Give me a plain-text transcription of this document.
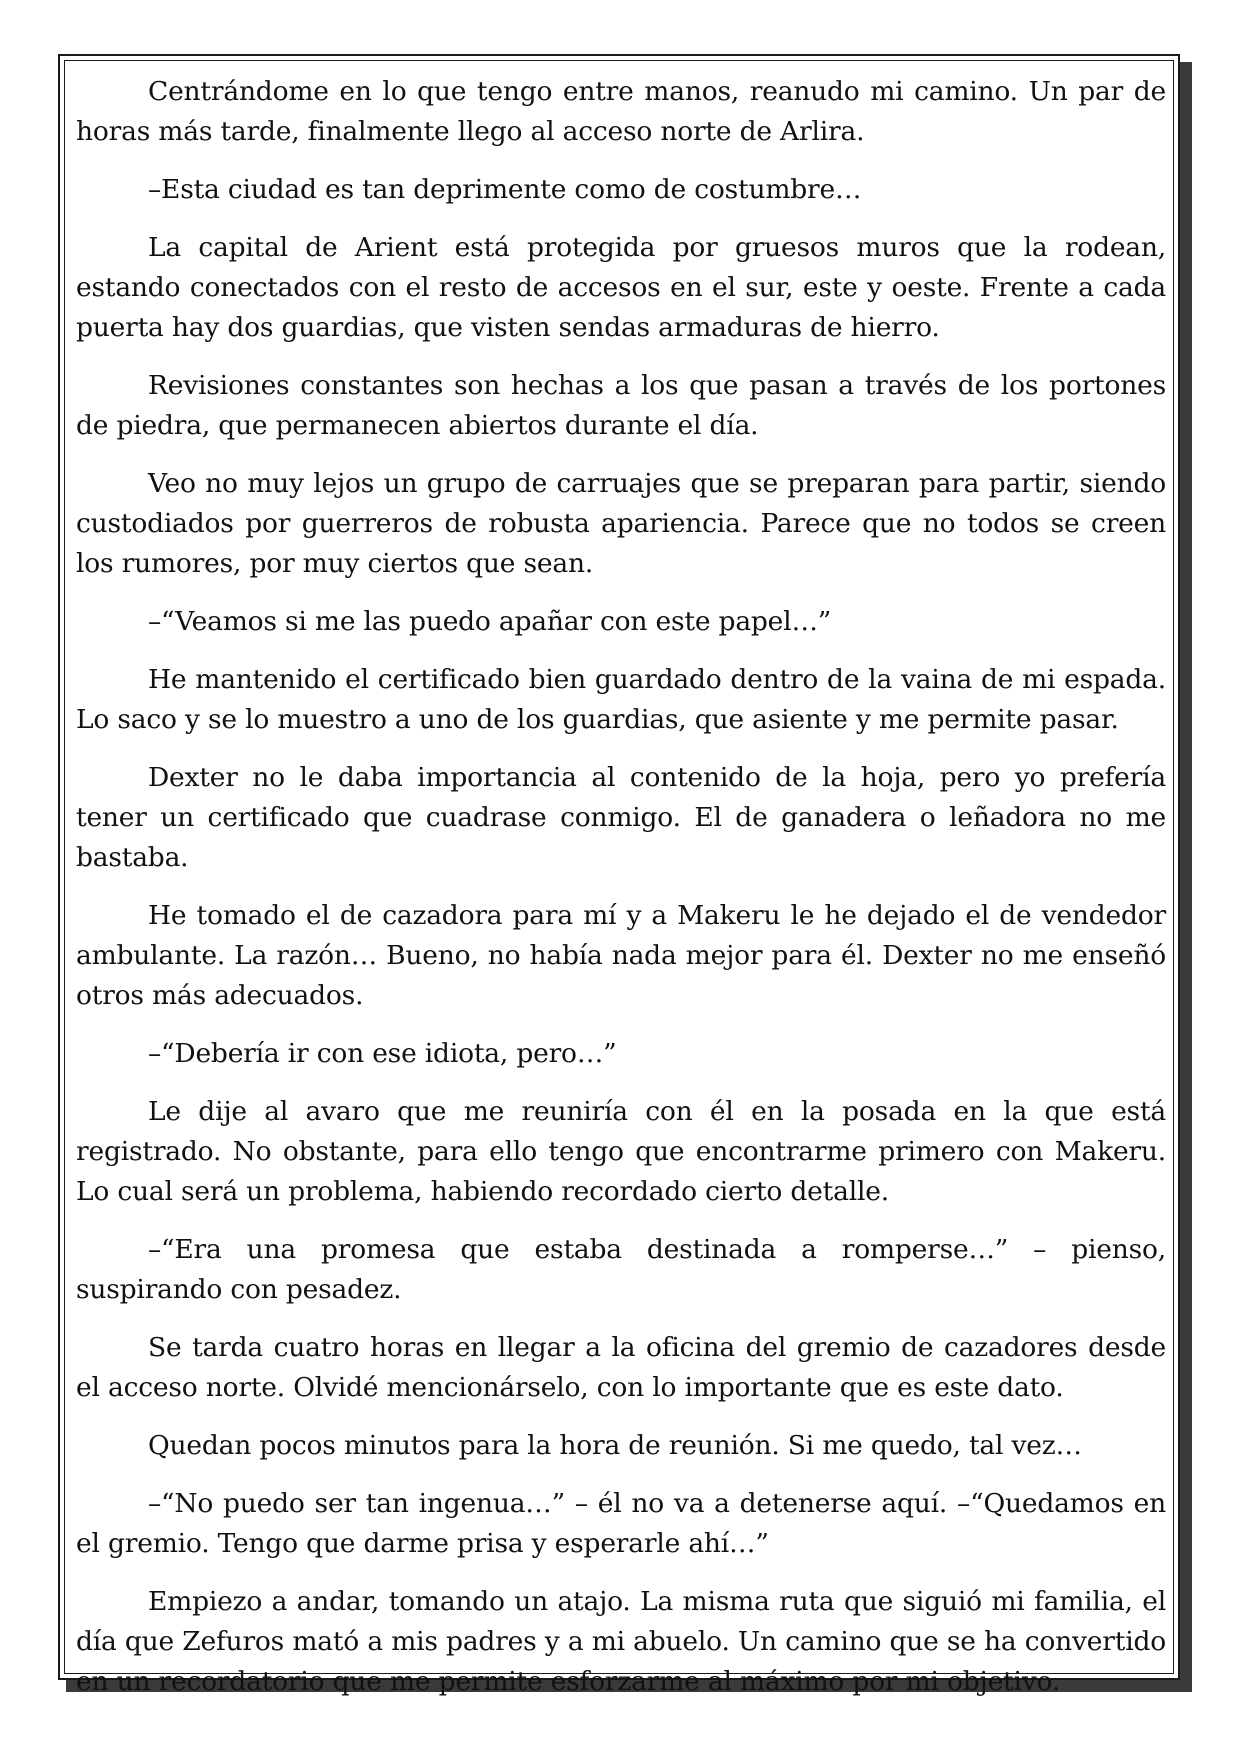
Centrándome en lo que tengo entre manos, reanudo mi camino. Un par de horas más tarde, finalmente llego al acceso norte de Arlira.

–Esta ciudad es tan deprimente como de costumbre…

La capital de Arient está protegida por gruesos muros que la rodean, estando conectados con el resto de accesos en el sur, este y oeste. Frente a cada puerta hay dos guardias, que visten sendas armaduras de hierro.

Revisiones constantes son hechas a los que pasan a través de los portones de piedra, que permanecen abiertos durante el día.

Veo no muy lejos un grupo de carruajes que se preparan para partir, siendo custodiados por guerreros de robusta apariencia. Parece que no todos se creen los rumores, por muy ciertos que sean.

–“Veamos si me las puedo apañar con este papel…”

He mantenido el certificado bien guardado dentro de la vaina de mi espada. Lo saco y se lo muestro a uno de los guardias, que asiente y me permite pasar.

Dexter no le daba importancia al contenido de la hoja, pero yo prefería tener un certificado que cuadrase conmigo. El de ganadera o leñadora no me bastaba.

He tomado el de cazadora para mí y a Makeru le he dejado el de vendedor ambulante. La razón… Bueno, no había nada mejor para él. Dexter no me enseñó otros más adecuados.

–“Debería ir con ese idiota, pero…”

Le dije al avaro que me reuniría con él en la posada en la que está registrado. No obstante, para ello tengo que encontrarme primero con Makeru. Lo cual será un problema, habiendo recordado cierto detalle.

–“Era una promesa que estaba destinada a romperse…” – pienso, suspirando con pesadez.

Se tarda cuatro horas en llegar a la oficina del gremio de cazadores desde el acceso norte. Olvidé mencionárselo, con lo importante que es este dato.

Quedan pocos minutos para la hora de reunión. Si me quedo, tal vez…

–“No puedo ser tan ingenua…” – él no va a detenerse aquí. –“Quedamos en el gremio. Tengo que darme prisa y esperarle ahí…”

Empiezo a andar, tomando un atajo. La misma ruta que siguió mi familia, el día que Zefuros mató a mis padres y a mi abuelo. Un camino que se ha convertido en un recordatorio que me permite esforzarme al máximo por mi objetivo.
